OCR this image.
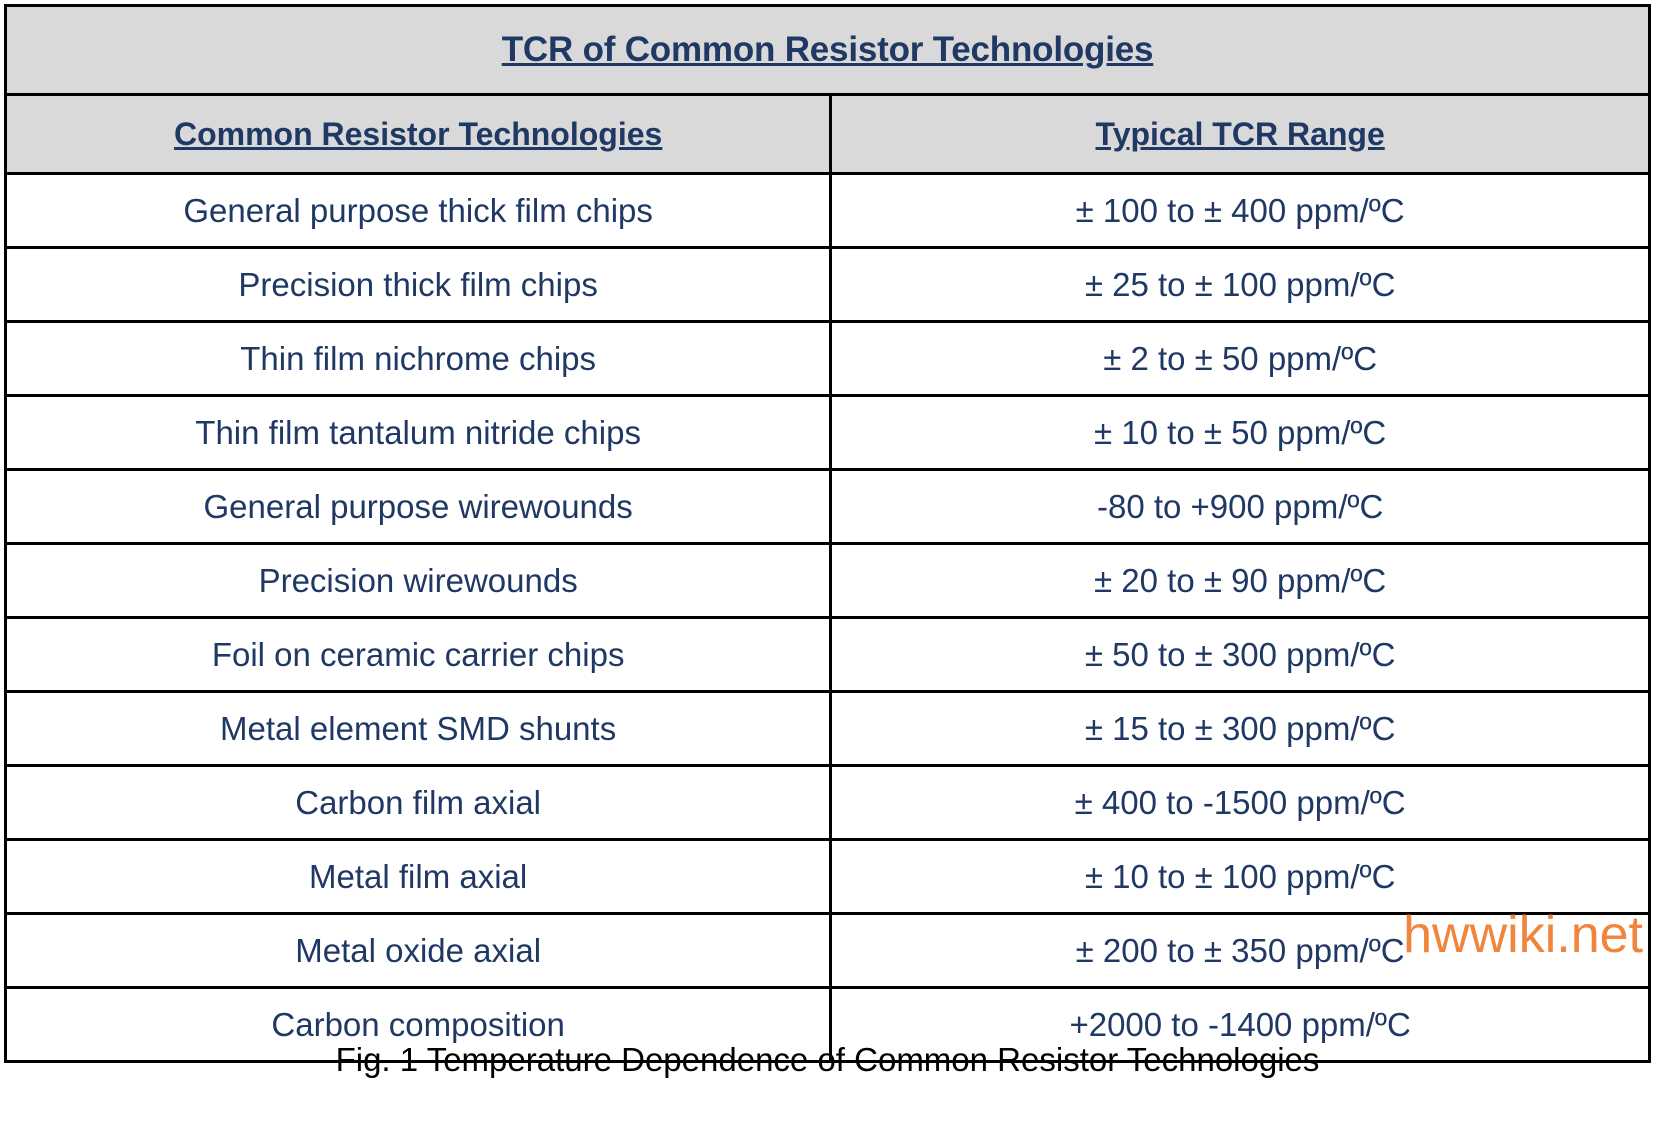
TCR of Common Resistor Technologies	
Common Resistor Technologies	Typical TCR Range
General purpose thick film chips	± 100 to ± 400 ppm/ºC
Precision thick film chips	± 25 to ± 100 ppm/ºC
Thin film nichrome chips	± 2 to ± 50 ppm/ºC
Thin film tantalum nitride chips	± 10 to ± 50 ppm/ºC
General purpose wirewounds	-80 to +900 ppm/ºC
Precision wirewounds	± 20 to ± 90 ppm/ºC
Foil on ceramic carrier chips	± 50 to ± 300 ppm/ºC
Metal element SMD shunts	± 15 to ± 300 ppm/ºC
Carbon film axial	± 400 to -1500 ppm/ºC
Metal film axial	± 10 to ± 100 ppm/ºC
Metal oxide axial	± 200 to ± 350 ppm/ºC
Carbon composition	+2000 to -1400 ppm/ºC
hwwiki.net
Fig. 1 Temperature Dependence of Common Resistor Technologies
